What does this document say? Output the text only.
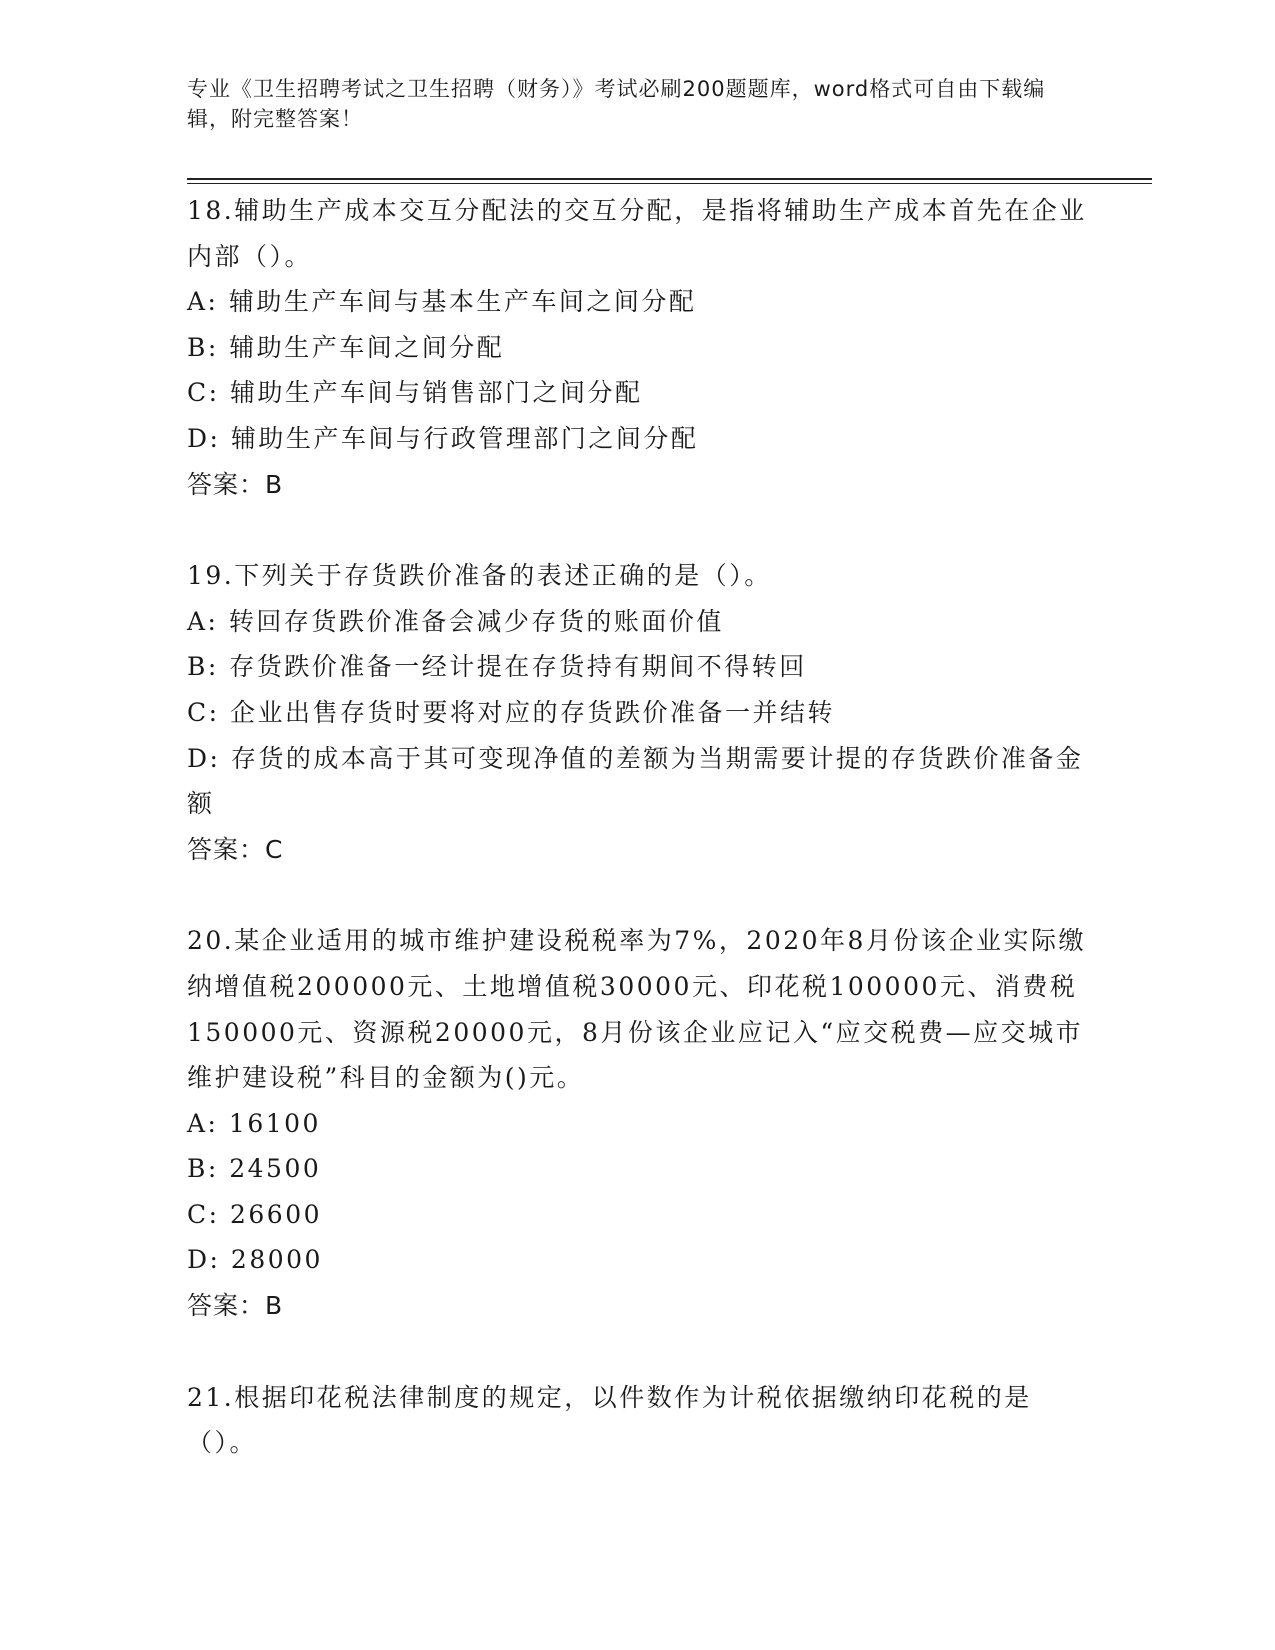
专业《卫生招聘考试之卫生招聘（财务）》考试必刷200题题库，word格式可自由下载编辑，附完整答案！

18.辅助生产成本交互分配法的交互分配，是指将辅助生产成本首先在企业内部（）。

A: 辅助生产车间与基本生产车间之间分配

B: 辅助生产车间之间分配

C: 辅助生产车间与销售部门之间分配

D: 辅助生产车间与行政管理部门之间分配

答案：B

19.下列关于存货跌价准备的表述正确的是（）。

A: 转回存货跌价准备会减少存货的账面价值

B: 存货跌价准备一经计提在存货持有期间不得转回

C: 企业出售存货时要将对应的存货跌价准备一并结转

D: 存货的成本高于其可变现净值的差额为当期需要计提的存货跌价准备金额

答案：C

20.某企业适用的城市维护建设税税率为7%，2020年8月份该企业实际缴纳增值税200000元、土地增值税30000元、印花税100000元、消费税150000元、资源税20000元，8月份该企业应记入“应交税费—应交城市维护建设税”科目的金额为()元。

A: 16100

B: 24500

C: 26600

D: 28000

答案：B

21.根据印花税法律制度的规定，以件数作为计税依据缴纳印花税的是（）。
